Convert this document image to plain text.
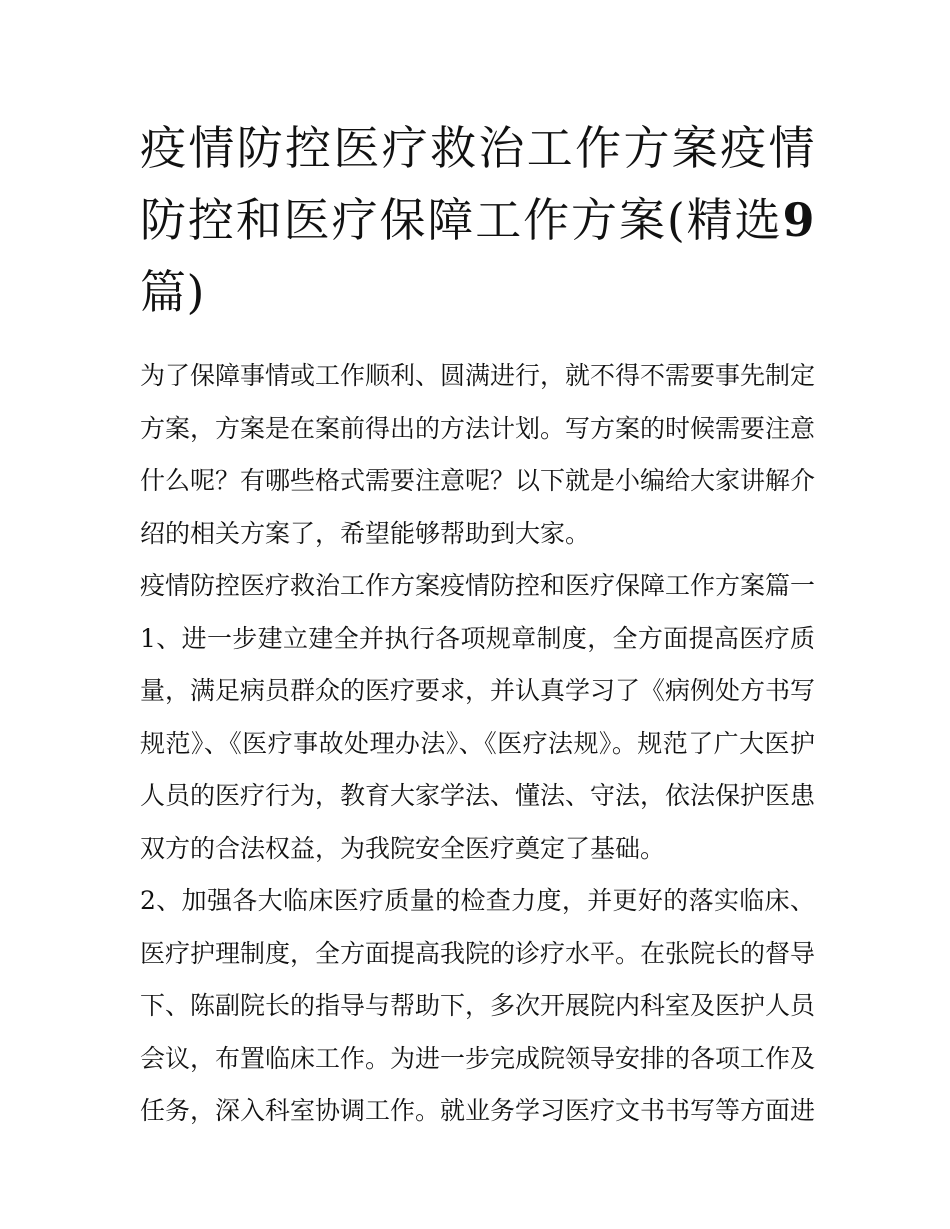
疫情防控医疗救治工作方案疫情防控和医疗保障工作方案(精选9篇)

为了保障事情或工作顺利、圆满进行，就不得不需要事先制定方案，方案是在案前得出的方法计划。写方案的时候需要注意什么呢？有哪些格式需要注意呢？以下就是小编给大家讲解介绍的相关方案了，希望能够帮助到大家。

疫情防控医疗救治工作方案疫情防控和医疗保障工作方案篇一

1、进一步建立建全并执行各项规章制度，全方面提高医疗质量，满足病员群众的医疗要求，并认真学习了《病例处方书写规范》、《医疗事故处理办法》、《医疗法规》。规范了广大医护人员的医疗行为，教育大家学法、懂法、守法，依法保护医患双方的合法权益，为我院安全医疗奠定了基础。

2、加强各大临床医疗质量的检查力度，并更好的落实临床、医疗护理制度，全方面提高我院的诊疗水平。在张院长的督导下、陈副院长的指导与帮助下，多次开展院内科室及医护人员会议，布置临床工作。为进一步完成院领导安排的各项工作及任务，深入科室协调工作。就业务学习医疗文书书写等方面进
